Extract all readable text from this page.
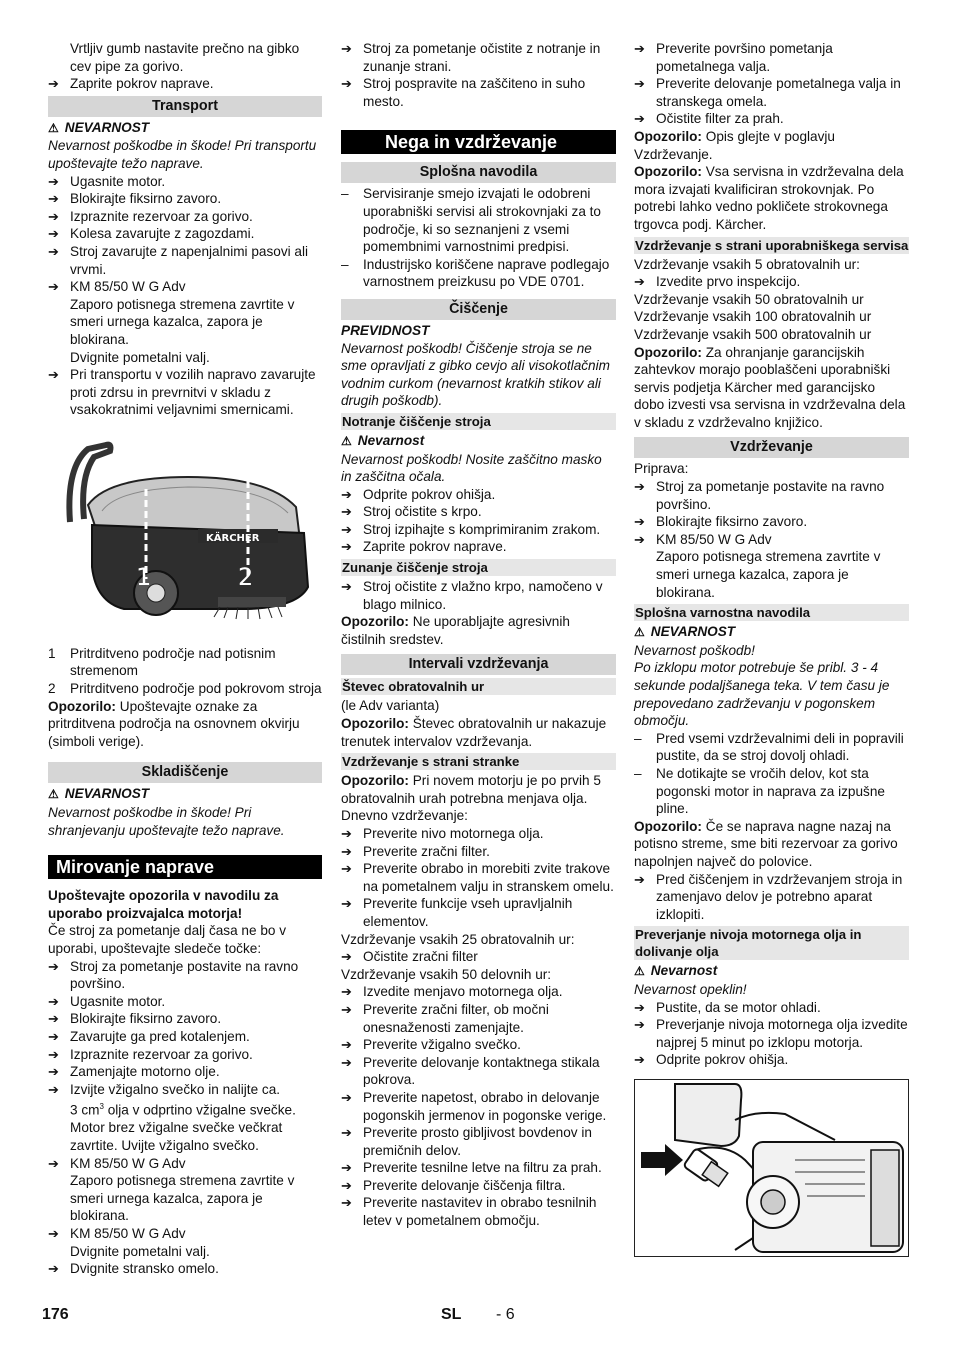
Vrtljiv gumb nastavite prečno na gibko cev pipe za gorivo.

➔ Zaprite pokrov naprave.
Transport
⚠ NEVARNOST

Nevarnost poškodbe in škode! Pri transportu upoštevajte težo naprave.

➔ Ugasnite motor.
➔ Blokirajte fiksirno zavoro.
➔ Izpraznite rezervoar za gorivo.
➔ Kolesa zavarujte z zagozdami.
➔ Stroj zavarujte z napenjalnimi pasovi ali vrvmi.
➔ KM 85/50 W G Adv

Zaporo potisnega stremena zavrtite v smeri urnega kazalca, zapora je blokirana.

Dvignite pometalni valj.

➔ Pri transportu v vozilih napravo zavarujte proti zdrsu in prevrnitvi v skladu z vsakokratnimi veljavnimi smernicami.
KÄRCHER
1	2
1 Pritrditveno področje nad potisnim stremenom
2 Pritrditveno področje pod pokrovom stroja

Opozorilo: Upoštevajte oznake za pritrditvena področja na osnovnem okvirju (simboli verige).

Skladiščenje
⚠ NEVARNOST

Nevarnost poškodbe in škode! Pri shranjevanju upoštevajte težo naprave.

Mirovanje naprave

Upoštevajte opozorila v navodilu za uporabo proizvajalca motorja!

Če stroj za pometanje dalj časa ne bo v uporabi, upoštevajte sledeče točke:

➔ Stroj za pometanje postavite na ravno površino.
➔ Ugasnite motor.
➔ Blokirajte fiksirno zavoro.
➔ Zavarujte ga pred kotalenjem.
➔ Izpraznite rezervoar za gorivo.
➔ Zamenjajte motorno olje.
➔ Izvijte vžigalno svečko in nalijte ca.

3 $cm^3$ olja v odprtino vžigalne svečke. Motor brez vžigalne svečke večkrat zavrtite. Uvijte vžigalno svečko.

➔ KM 85/50 W G Adv

Zaporo potisnega stremena zavrtite v smeri urnega kazalca, zapora je blokirana.

➔ KM 85/50 W G Adv

Dvignite pometalni valj.

➔ Dvignite stransko omelo.
➔ Stroj za pometanje očistite z notranje in zunanje strani.
➔ Stroj pospravite na zaščiteno in suho mesto.
Nega in vzdrževanje
Splošna navodila
– Servisiranje smejo izvajati le odobreni uporabniški servisi ali strokovnjaki za to področje, ki so seznanjeni z vsemi pomembnimi varnostnimi predpisi.
– Industrijsko koriščene naprave podlegajo varnostnem preizkusu po VDE 0701.
Čiščenje
PREVIDNOST

Nevarnost poškodb! Čiščenje stroja se ne sme opravljati z gibko cevjo ali visokotlačnim vodnim curkom (nevarnost kratkih stikov ali drugih poškodb).

Notranje čiščenje stroja
⚠ Nevarnost

Nevarnost poškodb! Nosite zaščitno masko in zaščitna očala.

➔ Odprite pokrov ohišja.
➔ Stroj očistite s krpo.
➔ Stroj izpihajte s komprimiranim zrakom.
➔ Zaprite pokrov naprave.
Zunanje čiščenje stroja
➔ Stroj očistite z vlažno krpo, namočeno v blago milnico.

Opozorilo: Ne uporabljajte agresivnih čistilnih sredstev.

Intervali vzdrževanja
Števec obratovalnih ur

(le Adv varianta)

Opozorilo: Števec obratovalnih ur nakazuje trenutek intervalov vzdrževanja.

Vzdrževanje s strani stranke

Opozorilo: Pri novem motorju je po prvih 5 obratovalnih urah potrebna menjava olja.

Dnevno vzdrževanje:

➔ Preverite nivo motornega olja.
➔ Preverite zračni filter.
➔ Preverite obrabo in morebiti zvite trakove na pometalnem valju in stranskem omelu.
➔ Preverite funkcije vseh upravljalnih elementov.

Vzdrževanje vsakih 25 obratovalnih ur:

➔ Očistite zračni filter

Vzdrževanje vsakih 50 delovnih ur:

➔ Izvedite menjavo motornega olja.
➔ Preverite zračni filter, ob močni onesnaženosti zamenjajte.
➔ Preverite vžigalno svečko.
➔ Preverite delovanje kontaktnega stikala pokrova.
➔ Preverite napetost, obrabo in delovanje pogonskih jermenov in pogonske verige.
➔ Preverite prosto gibljivost bovdenov in premičnih delov.
➔ Preverite tesnilne letve na filtru za prah.
➔ Preverite delovanje čiščenja filtra.
➔ Preverite nastavitev in obrabo tesnilnih letev v pometalnem območju.
➔ Preverite površino pometanja pometalnega valja.
➔ Preverite delovanje pometalnega valja in stranskega omela.
➔ Očistite filter za prah.

Opozorilo: Opis glejte v poglavju Vzdrževanje.

Opozorilo: Vsa servisna in vzdrževalna dela mora izvajati kvalificiran strokovnjak. Po potrebi lahko vedno pokličete strokovnega trgovca podj. Kärcher.

Vzdrževanje s strani uporabniškega servisa

Vzdrževanje vsakih 5 obratovalnih ur:

➔ Izvedite prvo inspekcijo.

Vzdrževanje vsakih 50 obratovalnih ur

Vzdrževanje vsakih 100 obratovalnih ur

Vzdrževanje vsakih 500 obratovalnih ur

Opozorilo: Za ohranjanje garancijskih zahtevkov morajo pooblaščeni uporabniški servis podjetja Kärcher med garancijsko dobo izvesti vsa servisna in vzdrževalna dela v skladu z vzdrževalno knjižico.

Vzdrževanje

Priprava:

➔ Stroj za pometanje postavite na ravno površino.
➔ Blokirajte fiksirno zavoro.
➔ KM 85/50 W G Adv

Zaporo potisnega stremena zavrtite v smeri urnega kazalca, zapora je blokirana.

Splošna varnostna navodila
⚠ NEVARNOST

Nevarnost poškodb!

Po izklopu motor potrebuje še pribl. 3 - 4 sekunde podaljšanega teka. V tem času je prepovedano zadrževanju v pogonskem območju.

– Pred vsemi vzdrževalnimi deli in popravili pustite, da se stroj dovolj ohladi.
– Ne dotikajte se vročih delov, kot sta pogonski motor in naprava za izpušne pline.

Opozorilo: Če se naprava nagne nazaj na potisno streme, sme biti rezervoar za gorivo napolnjen največ do polovice.

➔ Pred čiščenjem in vzdrževanjem stroja in zamenjavo delov je potrebno aparat izklopiti.
Preverjanje nivoja motornega olja in dolivanje olja
⚠ Nevarnost

Nevarnost opeklin!

➔ Pustite, da se motor ohladi.
➔ Preverjanje nivoja motornega olja izvedite najprej 5 minut po izklopu motorja.
➔ Odprite pokrov ohišja.
176	SL - 6
